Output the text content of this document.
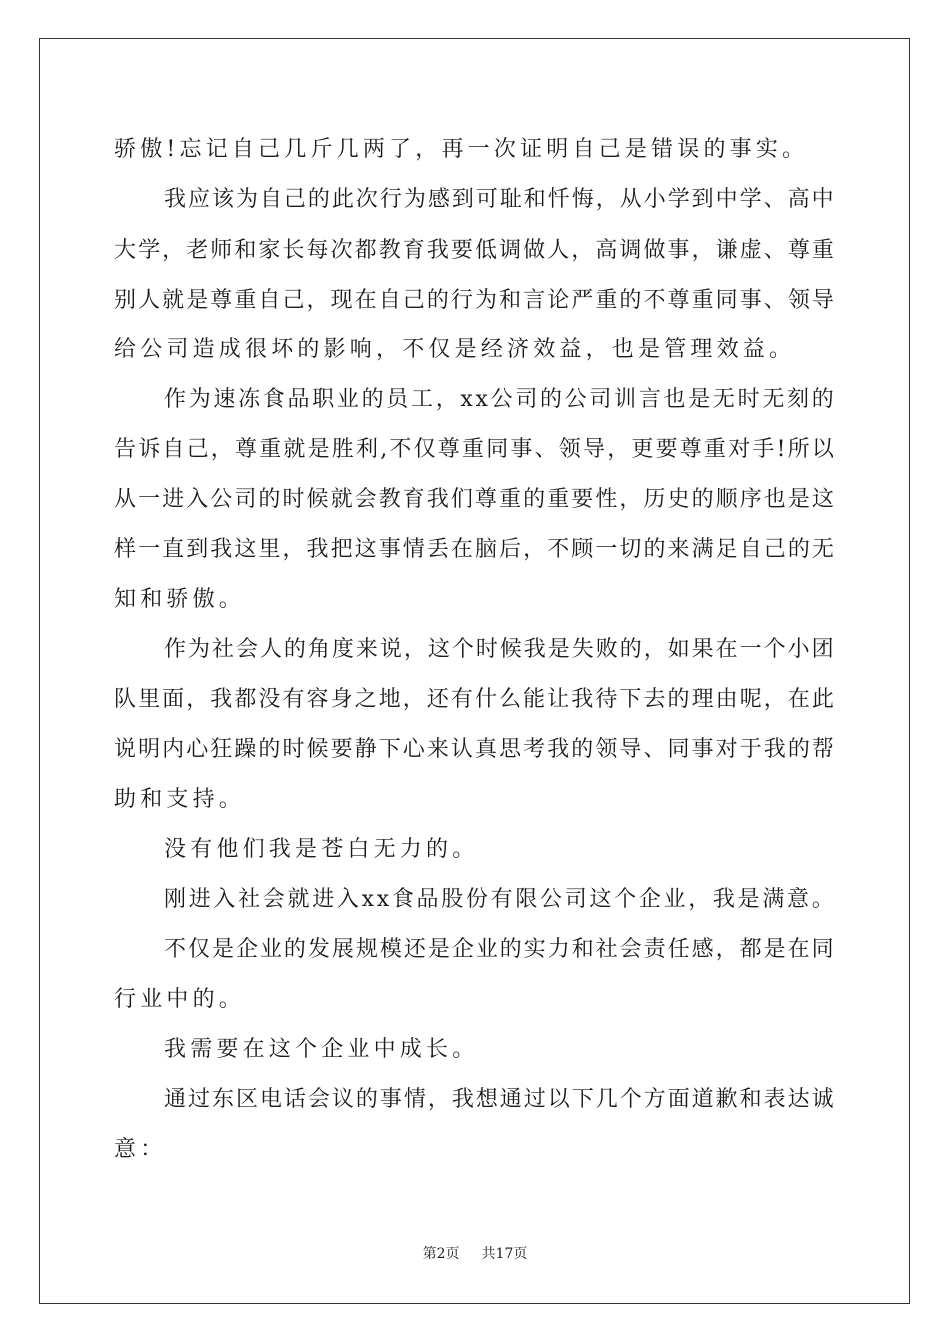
骄傲!忘记自己几斤几两了，再一次证明自己是错误的事实。
我应该为自己的此次行为感到可耻和忏悔，从小学到中学、高中
大学，老师和家长每次都教育我要低调做人，高调做事，谦虚、尊重
别人就是尊重自己，现在自己的行为和言论严重的不尊重同事、领导
给公司造成很坏的影响，不仅是经济效益，也是管理效益。
作为速冻食品职业的员工，xx公司的公司训言也是无时无刻的
告诉自己，尊重就是胜利,不仅尊重同事、领导，更要尊重对手!所以
从一进入公司的时候就会教育我们尊重的重要性，历史的顺序也是这
样一直到我这里，我把这事情丢在脑后，不顾一切的来满足自己的无
知和骄傲。
作为社会人的角度来说，这个时候我是失败的，如果在一个小团
队里面，我都没有容身之地，还有什么能让我待下去的理由呢，在此
说明内心狂躁的时候要静下心来认真思考我的领导、同事对于我的帮
助和支持。
没有他们我是苍白无力的。
刚进入社会就进入xx食品股份有限公司这个企业，我是满意。
不仅是企业的发展规模还是企业的实力和社会责任感，都是在同
行业中的。
我需要在这个企业中成长。
通过东区电话会议的事情，我想通过以下几个方面道歉和表达诚
意：
第2页 共17页
